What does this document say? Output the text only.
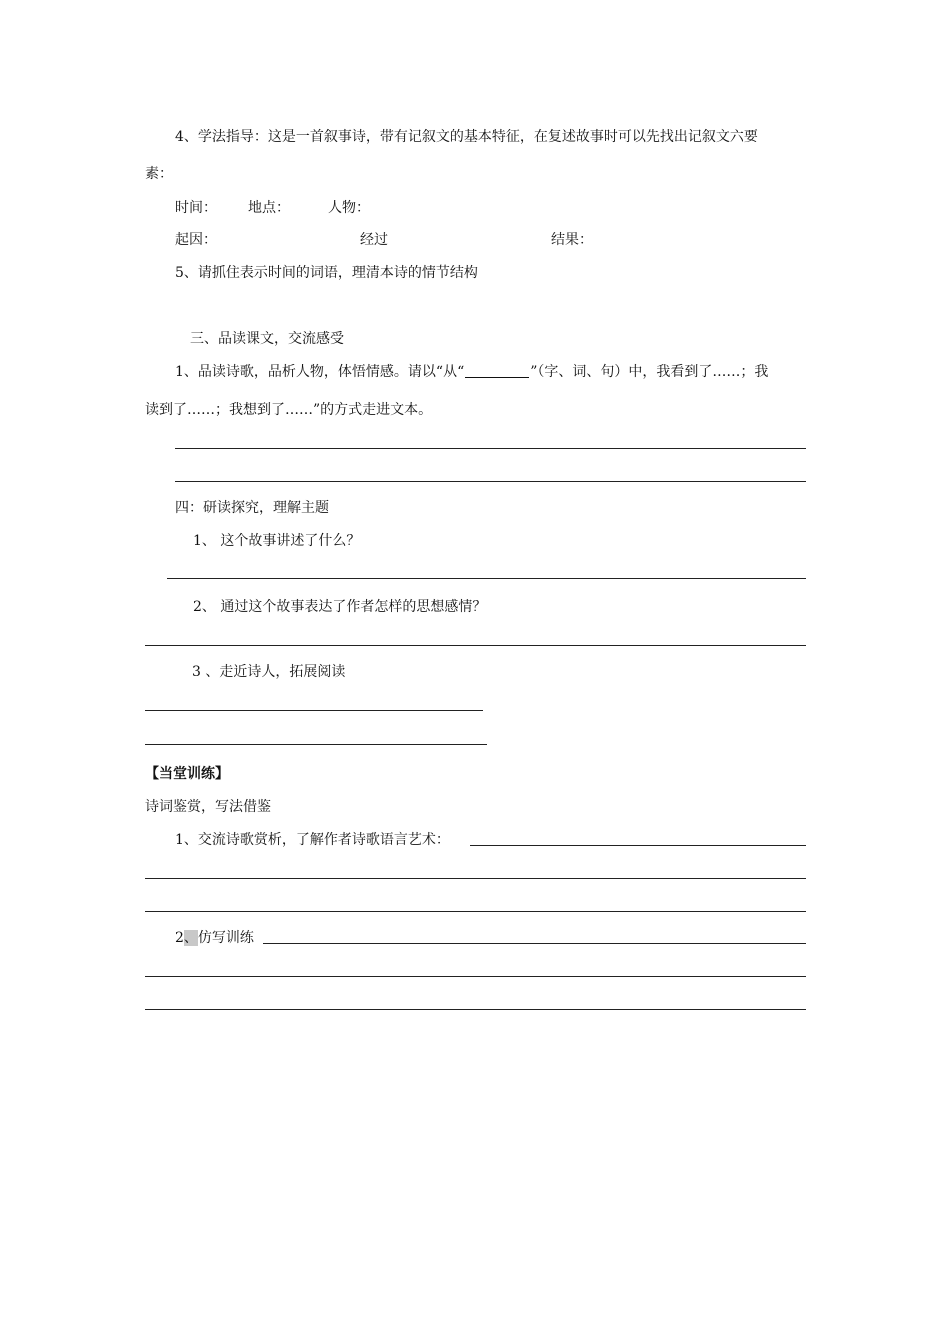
4、学法指导：这是一首叙事诗，带有记叙文的基本特征，在复述故事时可以先找出记叙文六要
素：
时间： 地点：	人物：
起因：	经过	结果：
5、请抓住表示时间的词语，理清本诗的情节结构
三、品读课文，交流感受
1、品读诗歌，品析人物，体悟情感。请以“从“	”（字、词、句）中，我看到了……；我
读到了……；我想到了……”的方式走进文本。
四：研读探究，理解主题
1、 这个故事讲述了什么？
2、 通过这个故事表达了作者怎样的思想感情？
3 、走近诗人，拓展阅读
【当堂训练】
诗词鉴赏，写法借鉴
1、交流诗歌赏析，了解作者诗歌语言艺术：
2、仿写训练
